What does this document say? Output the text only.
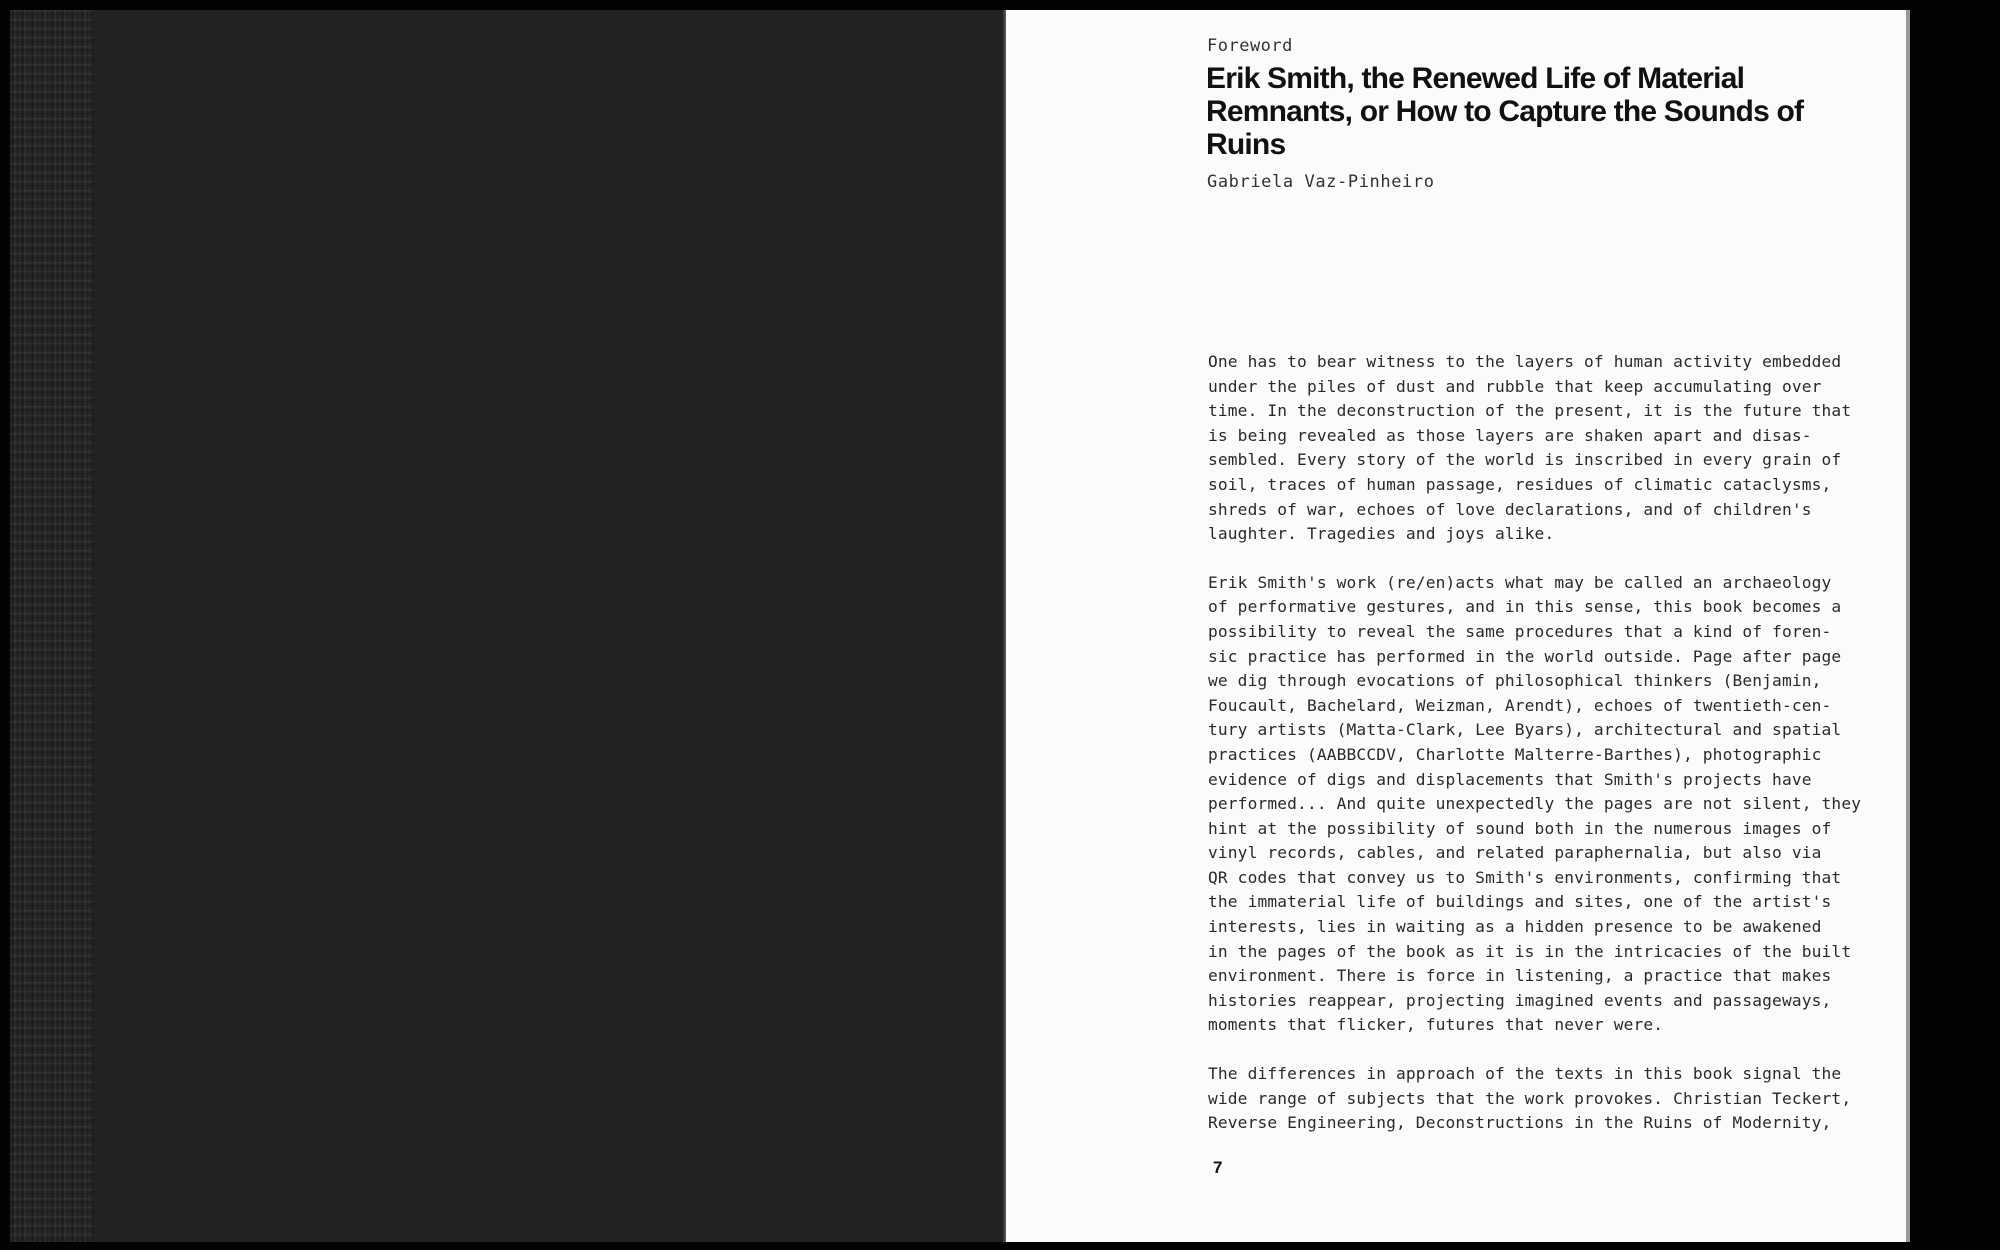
Foreword
Erik Smith, the Renewed Life of Material Remnants, or How to Capture the Sounds of Ruins
Gabriela Vaz-Pinheiro

One has to bear witness to the layers of human activity embedded
under the piles of dust and rubble that keep accumulating over
time. In the deconstruction of the present, it is the future that
is being revealed as those layers are shaken apart and disas-
sembled. Every story of the world is inscribed in every grain of
soil, traces of human passage, residues of climatic cataclysms,
shreds of war, echoes of love declarations, and of children's
laughter. Tragedies and joys alike.

Erik Smith's work (re/en)acts what may be called an archaeology
of performative gestures, and in this sense, this book becomes a
possibility to reveal the same procedures that a kind of foren-
sic practice has performed in the world outside. Page after page
we dig through evocations of philosophical thinkers (Benjamin,
Foucault, Bachelard, Weizman, Arendt), echoes of twentieth-cen-
tury artists (Matta-Clark, Lee Byars), architectural and spatial
practices (AABBCCDV, Charlotte Malterre-Barthes), photographic
evidence of digs and displacements that Smith's projects have
performed... And quite unexpectedly the pages are not silent, they
hint at the possibility of sound both in the numerous images of
vinyl records, cables, and related paraphernalia, but also via
QR codes that convey us to Smith's environments, confirming that
the immaterial life of buildings and sites, one of the artist's
interests, lies in waiting as a hidden presence to be awakened
in the pages of the book as it is in the intricacies of the built
environment. There is force in listening, a practice that makes
histories reappear, projecting imagined events and passageways,
moments that flicker, futures that never were.

The differences in approach of the texts in this book signal the
wide range of subjects that the work provokes. Christian Teckert,
Reverse Engineering, Deconstructions in the Ruins of Modernity,

7
